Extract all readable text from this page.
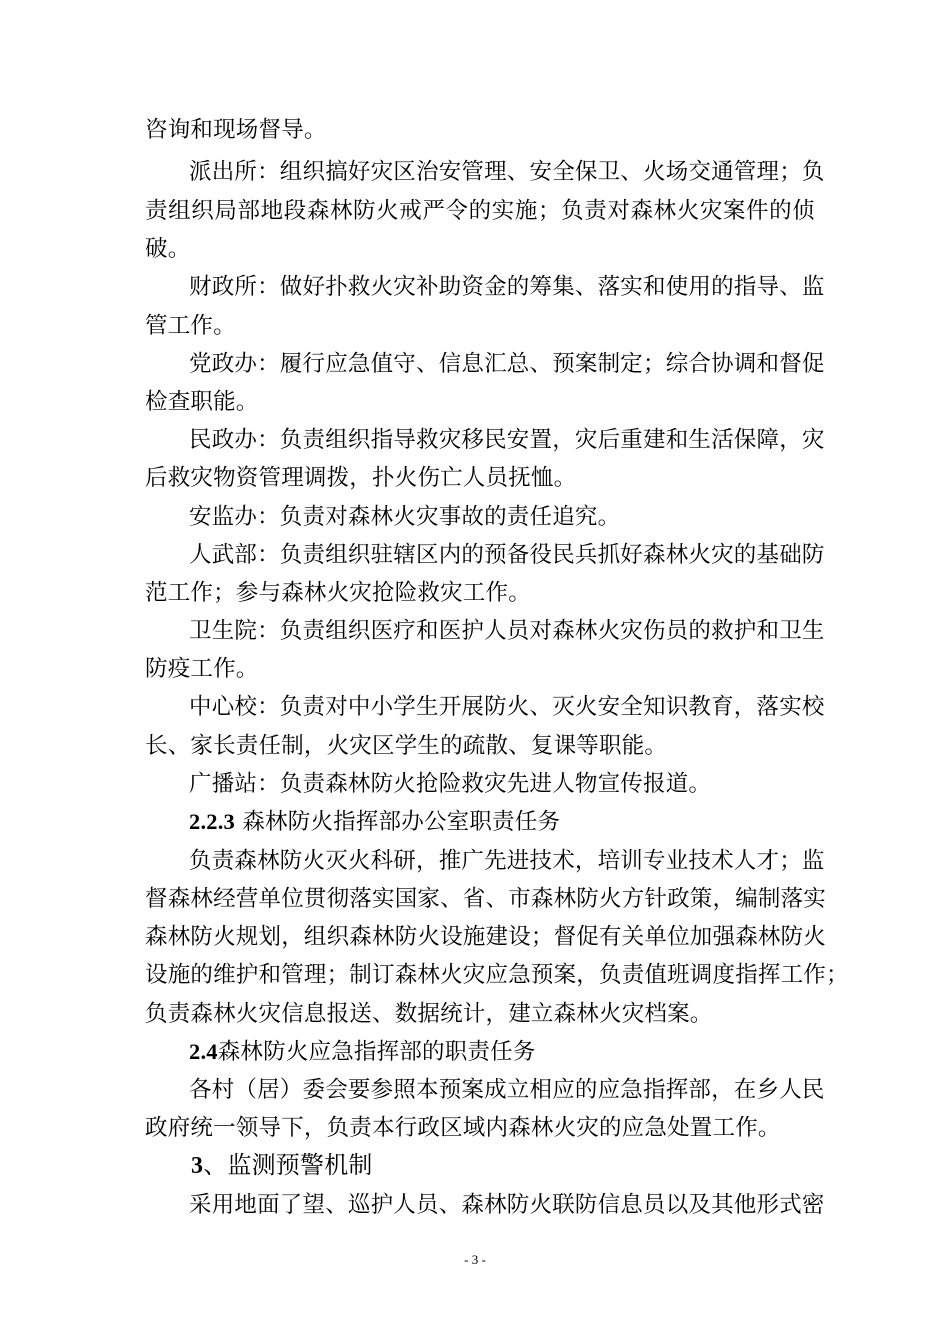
咨询和现场督导。
派出所：组织搞好灾区治安管理、安全保卫、火场交通管理；负
责组织局部地段森林防火戒严令的实施；负责对森林火灾案件的侦
破。
财政所：做好扑救火灾补助资金的筹集、落实和使用的指导、监
管工作。
党政办：履行应急值守、信息汇总、预案制定；综合协调和督促
检查职能。
民政办：负责组织指导救灾移民安置，灾后重建和生活保障，灾
后救灾物资管理调拨，扑火伤亡人员抚恤。
安监办：负责对森林火灾事故的责任追究。
人武部：负责组织驻辖区内的预备役民兵抓好森林火灾的基础防
范工作；参与森林火灾抢险救灾工作。
卫生院：负责组织医疗和医护人员对森林火灾伤员的救护和卫生
防疫工作。
中心校：负责对中小学生开展防火、灭火安全知识教育，落实校
长、家长责任制，火灾区学生的疏散、复课等职能。
广播站：负责森林防火抢险救灾先进人物宣传报道。
2.2.3 森林防火指挥部办公室职责任务
负责森林防火灭火科研，推广先进技术，培训专业技术人才；监
督森林经营单位贯彻落实国家、省、市森林防火方针政策，编制落实
森林防火规划，组织森林防火设施建设；督促有关单位加强森林防火
设施的维护和管理；制订森林火灾应急预案，负责值班调度指挥工作；
负责森林火灾信息报送、数据统计，建立森林火灾档案。
2.4森林防火应急指挥部的职责任务
各村（居）委会要参照本预案成立相应的应急指挥部，在乡人民
政府统一领导下，负责本行政区域内森林火灾的应急处置工作。
3、监测预警机制
采用地面了望、巡护人员、森林防火联防信息员以及其他形式密
- 3 -
